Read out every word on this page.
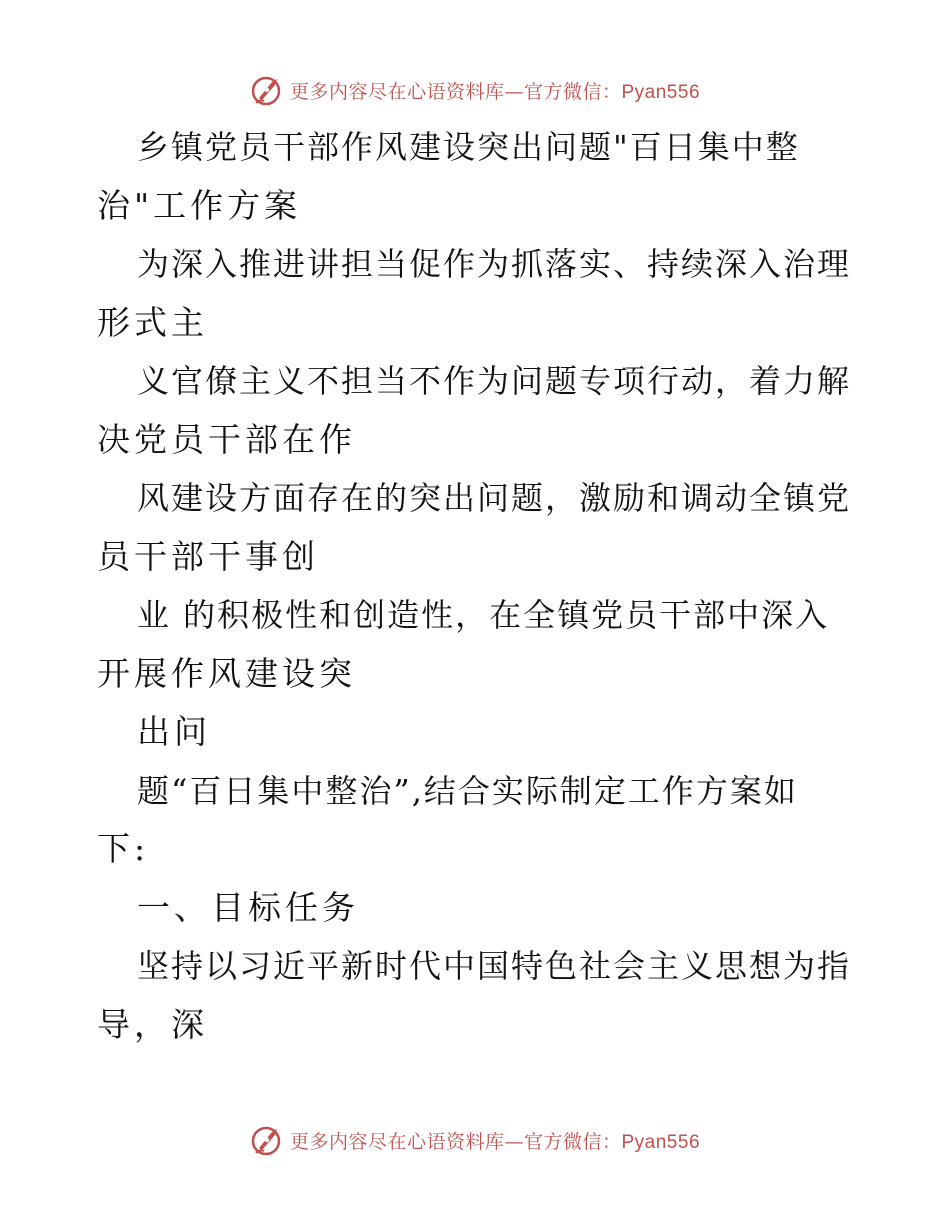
更多内容尽在心语资料库—官方微信：Pyan556
乡镇党员干部作风建设突出问题"百日集中整
治"工作方案
为深入推进讲担当促作为抓落实、持续深入治理
形式主
义官僚主义不担当不作为问题专项行动，着力解
决党员干部在作
风建设方面存在的突出问题，激励和调动全镇党
员干部干事创
业 的积极性和创造性，在全镇党员干部中深入
开展作风建设突
出问
题“百日集中整治”,结合实际制定工作方案如
下:
一、目标任务
坚持以习近平新时代中国特色社会主义思想为指
导，深
更多内容尽在心语资料库—官方微信：Pyan556
